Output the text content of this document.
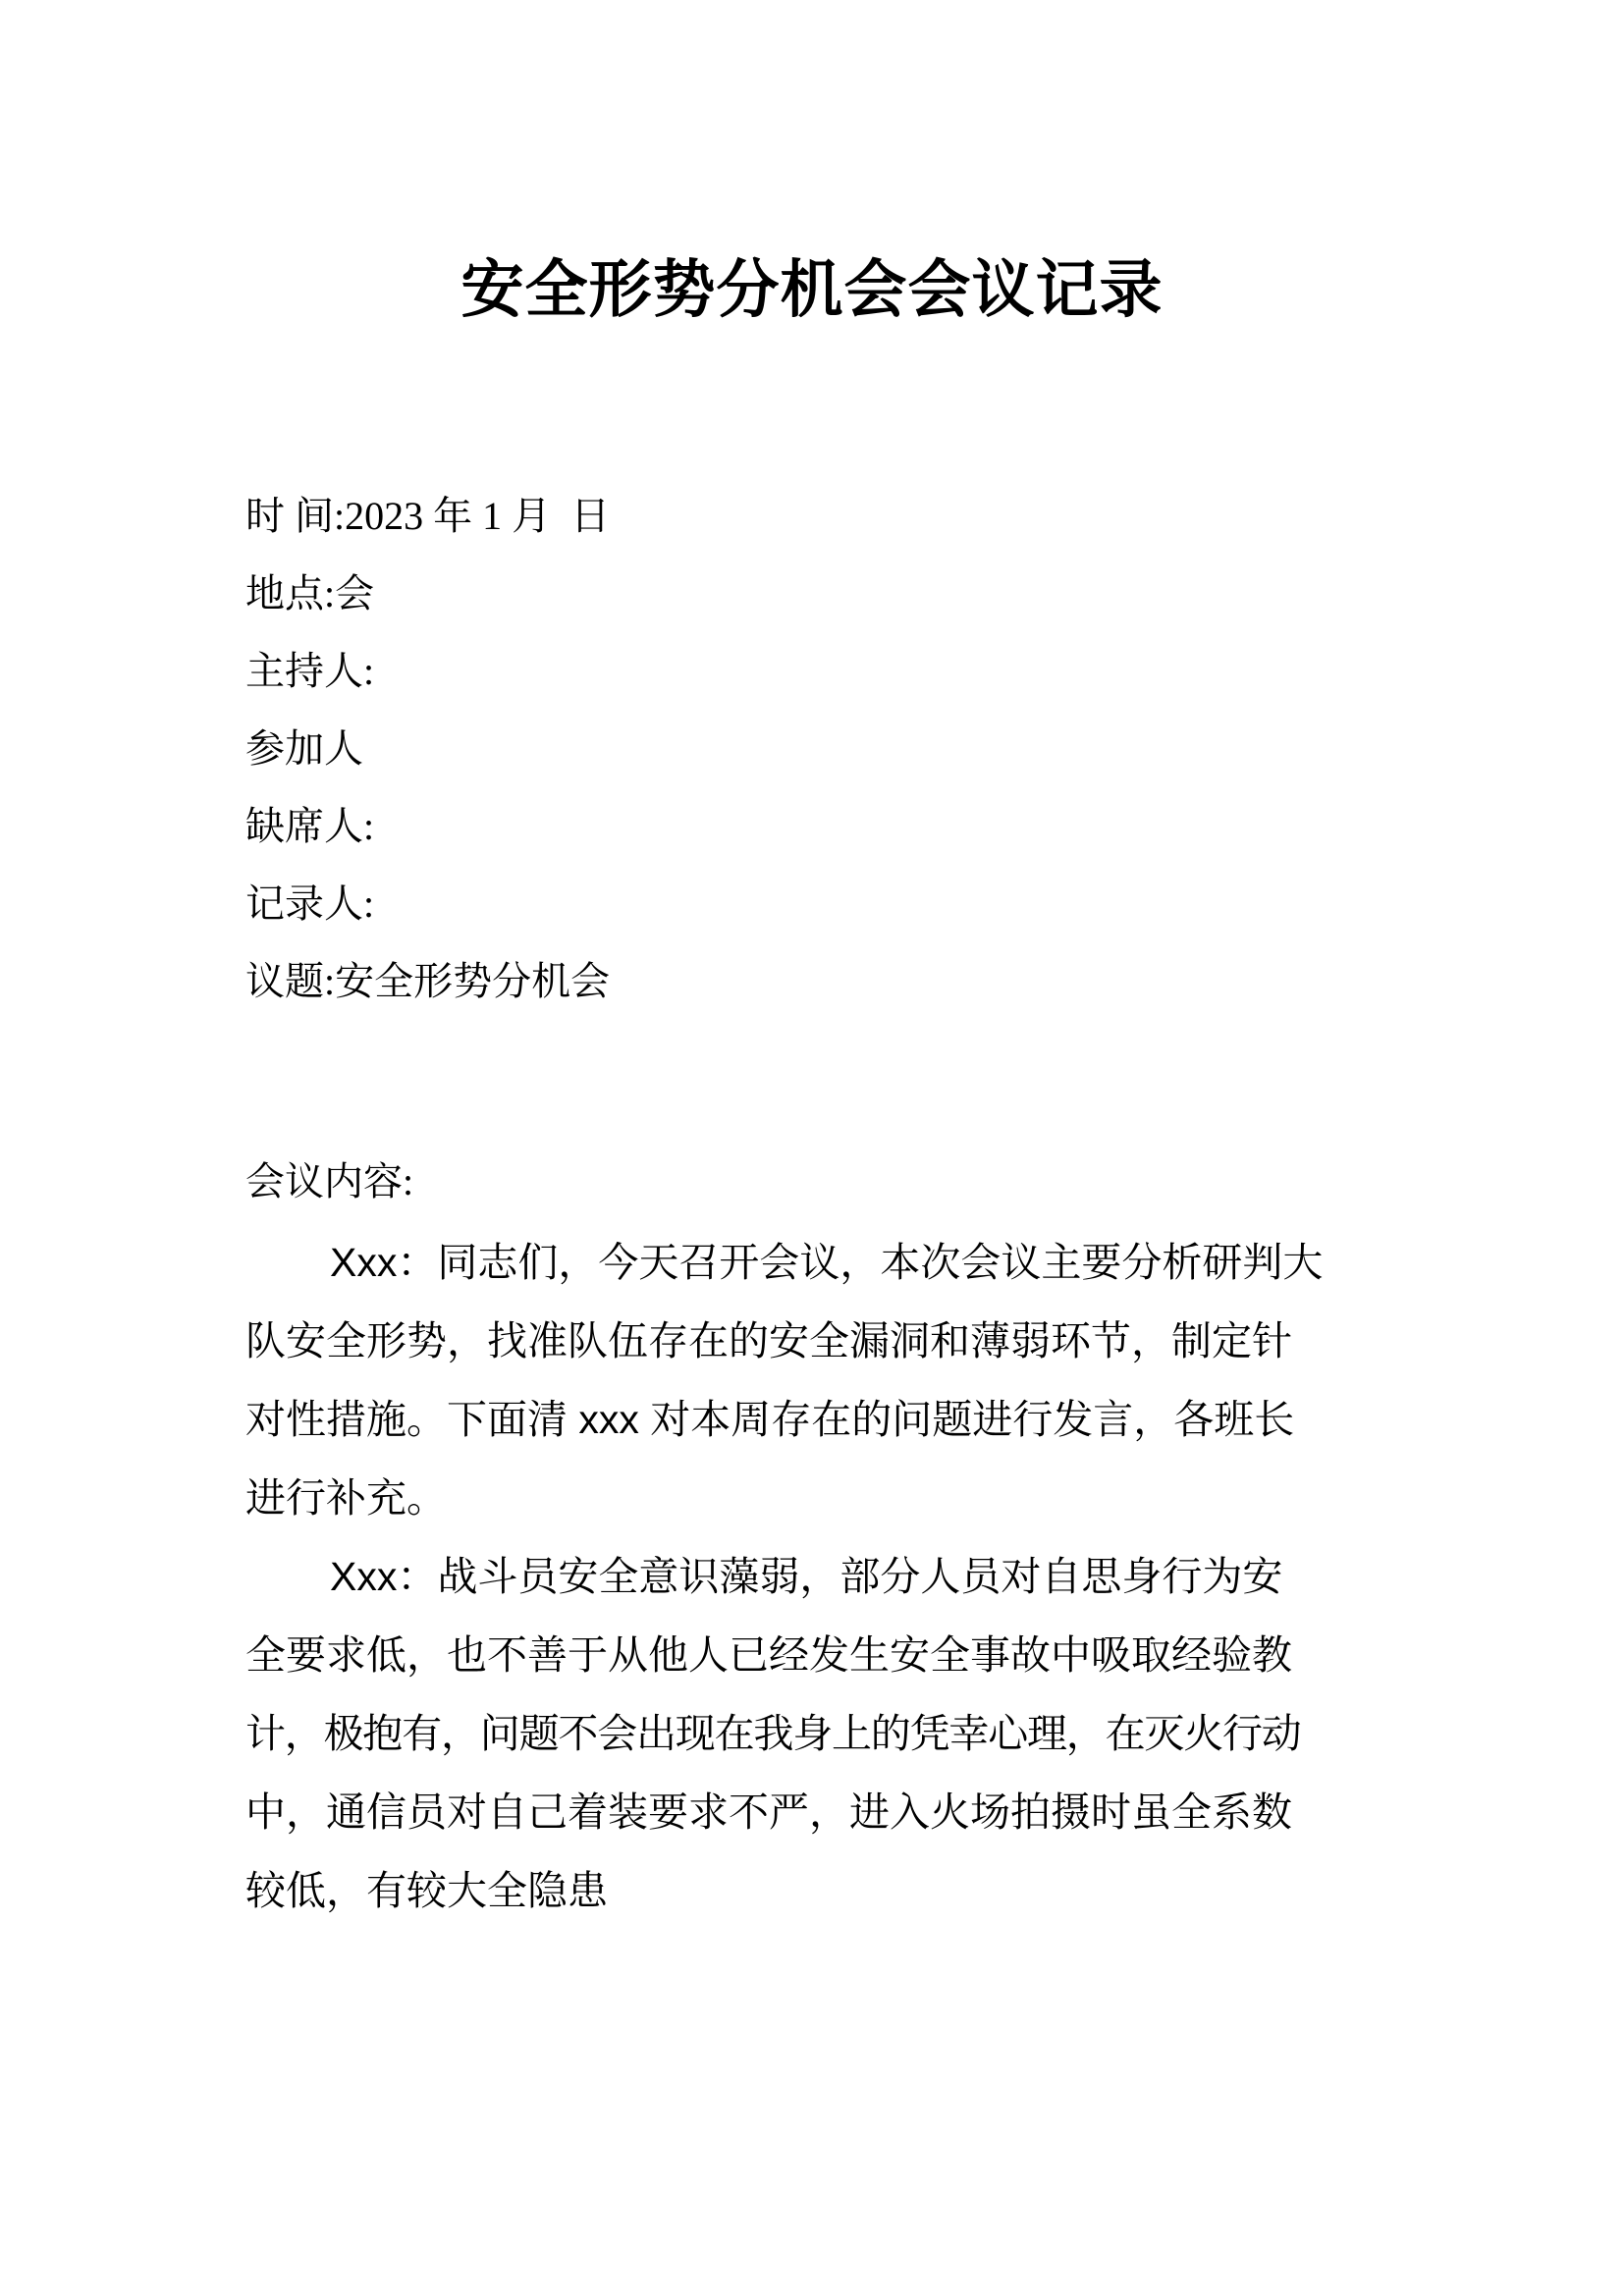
安全形势分机会会议记录
时 间:2023 年 1 月  日
地点:会
主持人:
参加人
缺席人:
记录人:
议题:安全形势分机会
会议内容:
Xxx：同志们，今天召开会议，本次会议主要分析研判大
队安全形势，找准队伍存在的安全漏洞和薄弱环节，制定针
对性措施。下面清 xxx 对本周存在的问题进行发言，各班长
进行补充。
Xxx：战斗员安全意识藻弱，部分人员对自思身行为安
全要求低，也不善于从他人已经发生安全事故中吸取经验教
计，极抱有，问题不会出现在我身上的凭幸心理，在灭火行动
中，通信员对自己着装要求不严，进入火场拍摄时虽全系数
较低，有较大全隐患
